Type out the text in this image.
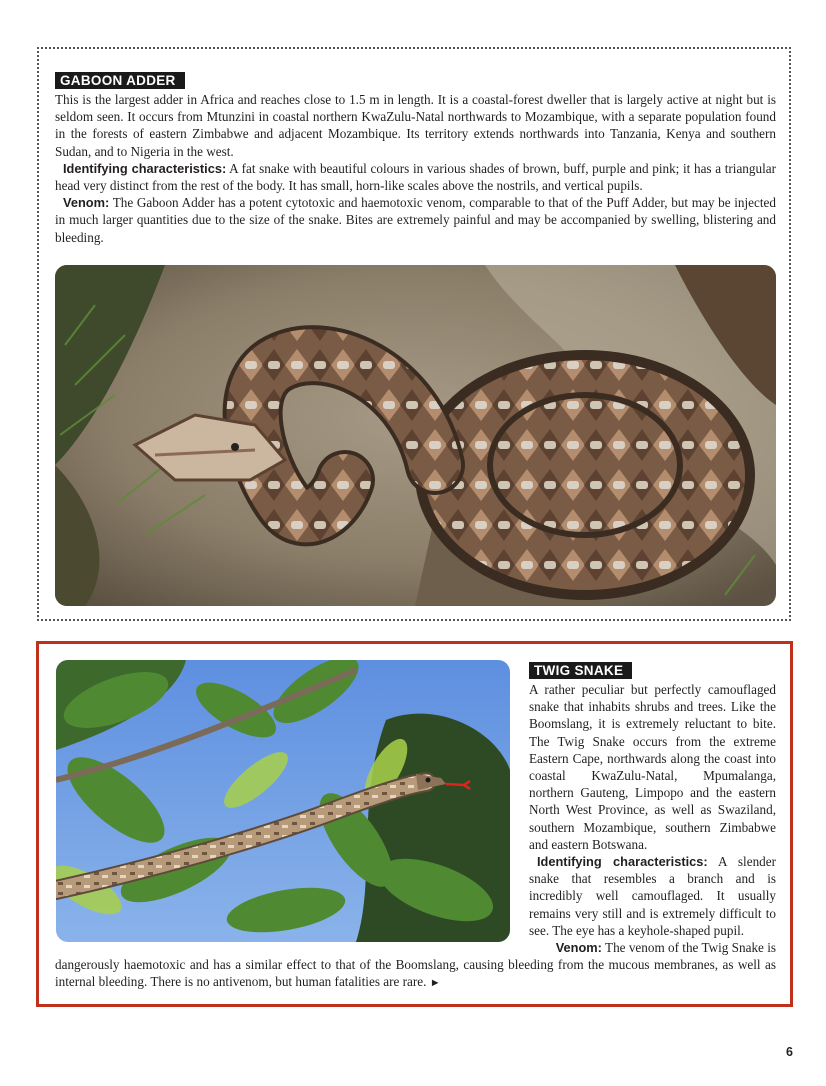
GABOON ADDER

This is the largest adder in Africa and reaches close to 1.5 m in length. It is a coastal-forest dweller that is largely active at night but is seldom seen. It occurs from Mtunzini in coastal northern KwaZulu-Natal northwards to Mozambique, with a separate population found in the forests of eastern Zimbabwe and adjacent Mozambique. Its territory extends northwards into Tanzania, Kenya and southern Sudan, and to Nigeria in the west.

Identifying characteristics: A fat snake with beautiful colours in various shades of brown, buff, purple and pink; it has a triangular head very distinct from the rest of the body. It has small, horn-like scales above the nostrils, and vertical pupils.

Venom: The Gaboon Adder has a potent cytotoxic and haemotoxic venom, comparable to that of the Puff Adder, but may be injected in much larger quantities due to the size of the snake. Bites are extremely painful and may be accompanied by swelling, blistering and bleeding.

TWIG SNAKE

A rather peculiar but perfectly camouflaged snake that inhabits shrubs and trees. Like the Boomslang, it is extremely reluctant to bite. The Twig Snake occurs from the extreme Eastern Cape, northwards along the coast into coastal KwaZulu-Natal, Mpumalanga, northern Gauteng, Limpopo and the eastern North West Province, as well as Swaziland, southern Mozambique, southern Zimbabwe and eastern Botswana.

Identifying characteristics: A slender snake that resembles a branch and is incredibly well camouflaged. It usually remains very still and is extremely difficult to see. The eye has a keyhole-shaped pupil.

Venom: The venom of the Twig Snake is

dangerously haemotoxic and has a similar effect to that of the Boomslang, causing bleeding from the mucous membranes, as well as internal bleeding. There is no antivenom, but human fatalities are rare. ►

6
